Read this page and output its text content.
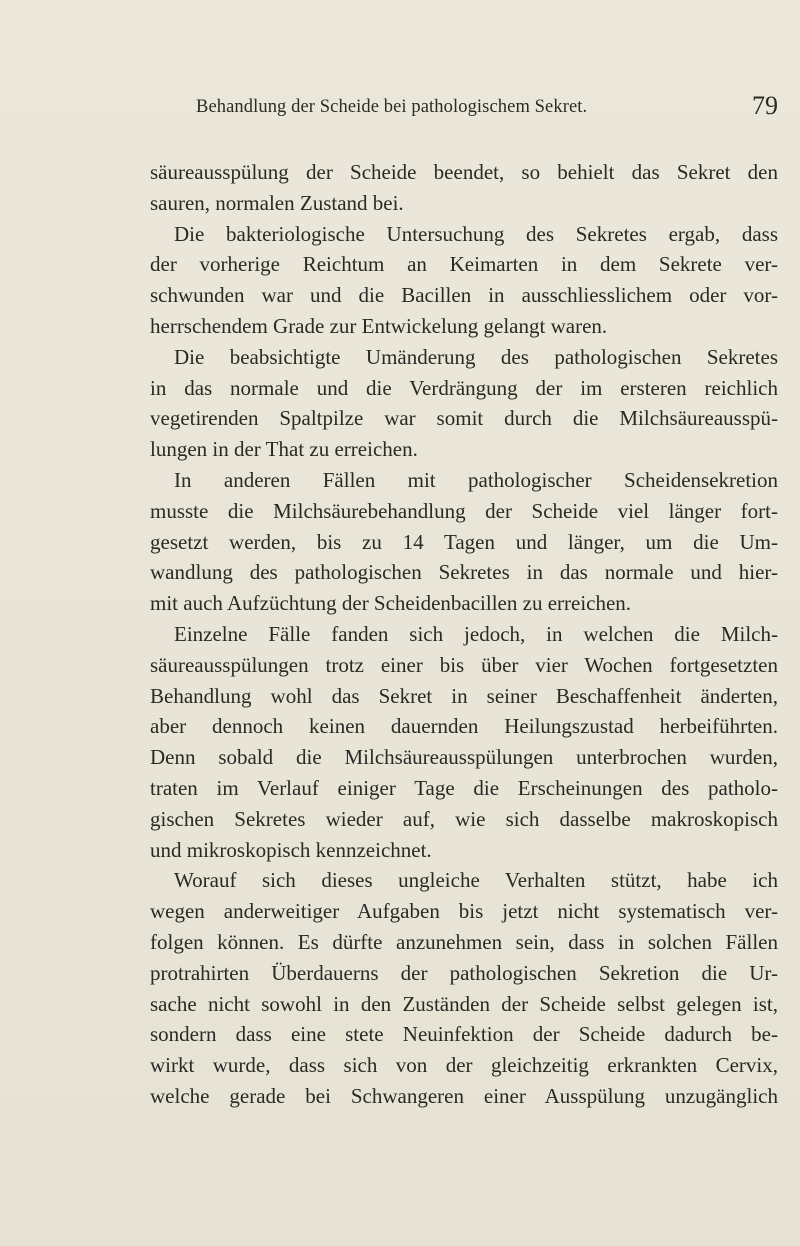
Behandlung der Scheide bei pathologischem Sekret.	79
säureausspülung der Scheide beendet, so behielt das Sekret den
sauren, normalen Zustand bei.
Die bakteriologische Untersuchung des Sekretes ergab, dass
der vorherige Reichtum an Keimarten in dem Sekrete ver-
schwunden war und die Bacillen in ausschliesslichem oder vor-
herrschendem Grade zur Entwickelung gelangt waren.
Die beabsichtigte Umänderung des pathologischen Sekretes
in das normale und die Verdrängung der im ersteren reichlich
vegetirenden Spaltpilze war somit durch die Milchsäureausspü-
lungen in der That zu erreichen.
In anderen Fällen mit pathologischer Scheidensekretion
musste die Milchsäurebehandlung der Scheide viel länger fort-
gesetzt werden, bis zu 14 Tagen und länger, um die Um-
wandlung des pathologischen Sekretes in das normale und hier-
mit auch Aufzüchtung der Scheidenbacillen zu erreichen.
Einzelne Fälle fanden sich jedoch, in welchen die Milch-
säureausspülungen trotz einer bis über vier Wochen fortgesetzten
Behandlung wohl das Sekret in seiner Beschaffenheit änderten,
aber dennoch keinen dauernden Heilungszustad herbeiführten.
Denn sobald die Milchsäureausspülungen unterbrochen wurden,
traten im Verlauf einiger Tage die Erscheinungen des patholo-
gischen Sekretes wieder auf, wie sich dasselbe makroskopisch
und mikroskopisch kennzeichnet.
Worauf sich dieses ungleiche Verhalten stützt, habe ich
wegen anderweitiger Aufgaben bis jetzt nicht systematisch ver-
folgen können. Es dürfte anzunehmen sein, dass in solchen Fällen
protrahirten Überdauerns der pathologischen Sekretion die Ur-
sache nicht sowohl in den Zuständen der Scheide selbst gelegen ist,
sondern dass eine stete Neuinfektion der Scheide dadurch be-
wirkt wurde, dass sich von der gleichzeitig erkrankten Cervix,
welche gerade bei Schwangeren einer Ausspülung unzugänglich
